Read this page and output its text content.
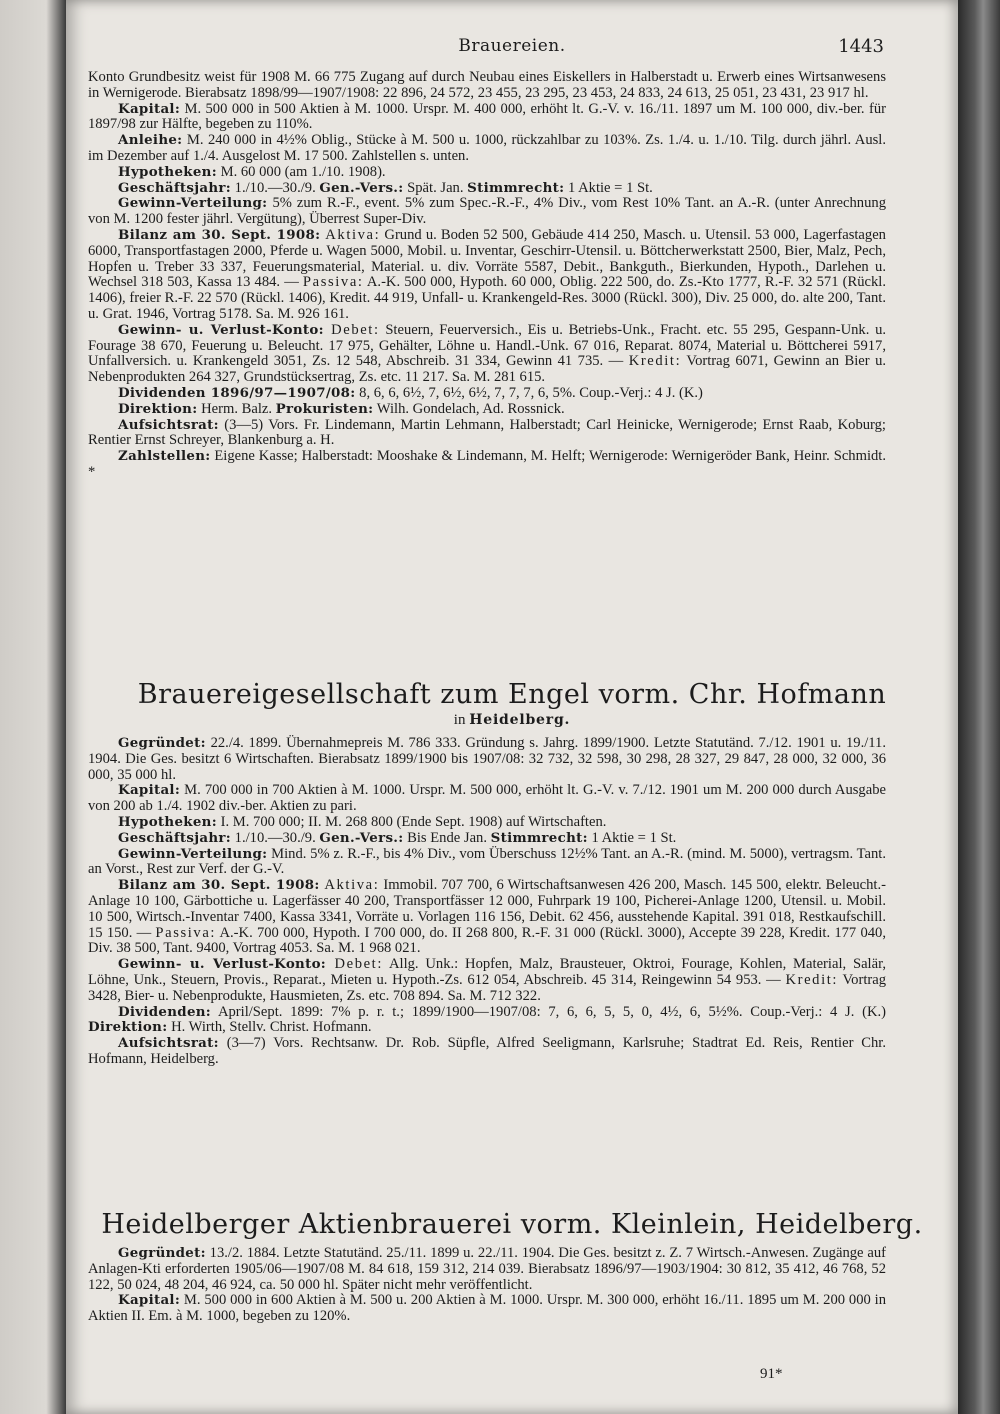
Brauereien.	1443

Konto Grundbesitz weist für 1908 M. 66 775 Zugang auf durch Neubau eines Eiskellers in Halberstadt u. Erwerb eines Wirtsanwesens in Wernigerode. Bierabsatz 1898/99—1907/1908: 22 896, 24 572, 23 455, 23 295, 23 453, 24 833, 24 613, 25 051, 23 431, 23 917 hl.

Kapital: M. 500 000 in 500 Aktien à M. 1000. Urspr. M. 400 000, erhöht lt. G.-V. v. 16./11. 1897 um M. 100 000, div.-ber. für 1897/98 zur Hälfte, begeben zu 110%.

Anleihe: M. 240 000 in 4½% Oblig., Stücke à M. 500 u. 1000, rückzahlbar zu 103%. Zs. 1./4. u. 1./10. Tilg. durch jährl. Ausl. im Dezember auf 1./4. Ausgelost M. 17 500. Zahlstellen s. unten.

Hypotheken: M. 60 000 (am 1./10. 1908).

Geschäftsjahr: 1./10.—30./9. Gen.-Vers.: Spät. Jan. Stimmrecht: 1 Aktie = 1 St.

Gewinn-Verteilung: 5% zum R.-F., event. 5% zum Spec.-R.-F., 4% Div., vom Rest 10% Tant. an A.-R. (unter Anrechnung von M. 1200 fester jährl. Vergütung), Überrest Super-Div.

Bilanz am 30. Sept. 1908: Aktiva: Grund u. Boden 52 500, Gebäude 414 250, Masch. u. Utensil. 53 000, Lagerfastagen 6000, Transportfastagen 2000, Pferde u. Wagen 5000, Mobil. u. Inventar, Geschirr-Utensil. u. Böttcherwerkstatt 2500, Bier, Malz, Pech, Hopfen u. Treber 33 337, Feuerungsmaterial, Material. u. div. Vorräte 5587, Debit., Bankguth., Bierkunden, Hypoth., Darlehen u. Wechsel 318 503, Kassa 13 484. — Passiva: A.-K. 500 000, Hypoth. 60 000, Oblig. 222 500, do. Zs.-Kto 1777, R.-F. 32 571 (Rückl. 1406), freier R.-F. 22 570 (Rückl. 1406), Kredit. 44 919, Unfall- u. Krankengeld-Res. 3000 (Rückl. 300), Div. 25 000, do. alte 200, Tant. u. Grat. 1946, Vortrag 5178. Sa. M. 926 161.

Gewinn- u. Verlust-Konto: Debet: Steuern, Feuerversich., Eis u. Betriebs-Unk., Fracht. etc. 55 295, Gespann-Unk. u. Fourage 38 670, Feuerung u. Beleucht. 17 975, Gehälter, Löhne u. Handl.-Unk. 67 016, Reparat. 8074, Material u. Böttcherei 5917, Unfallversich. u. Krankengeld 3051, Zs. 12 548, Abschreib. 31 334, Gewinn 41 735. — Kredit: Vortrag 6071, Gewinn an Bier u. Nebenprodukten 264 327, Grundstücksertrag, Zs. etc. 11 217. Sa. M. 281 615.

Dividenden 1896/97—1907/08: 8, 6, 6, 6½, 7, 6½, 6½, 7, 7, 7, 6, 5%. Coup.-Verj.: 4 J. (K.)

Direktion: Herm. Balz. Prokuristen: Wilh. Gondelach, Ad. Rossnick.

Aufsichtsrat: (3—5) Vors. Fr. Lindemann, Martin Lehmann, Halberstadt; Carl Heinicke, Wernigerode; Ernst Raab, Koburg; Rentier Ernst Schreyer, Blankenburg a. H.

Zahlstellen: Eigene Kasse; Halberstadt: Mooshake & Lindemann, M. Helft; Wernigerode: Wernigeröder Bank, Heinr. Schmidt. *

Brauereigesellschaft zum Engel vorm. Chr. Hofmann
in Heidelberg.

Gegründet: 22./4. 1899. Übernahmepreis M. 786 333. Gründung s. Jahrg. 1899/1900. Letzte Statutänd. 7./12. 1901 u. 19./11. 1904. Die Ges. besitzt 6 Wirtschaften. Bierabsatz 1899/1900 bis 1907/08: 32 732, 32 598, 30 298, 28 327, 29 847, 28 000, 32 000, 36 000, 35 000 hl.

Kapital: M. 700 000 in 700 Aktien à M. 1000. Urspr. M. 500 000, erhöht lt. G.-V. v. 7./12. 1901 um M. 200 000 durch Ausgabe von 200 ab 1./4. 1902 div.-ber. Aktien zu pari.

Hypotheken: I. M. 700 000; II. M. 268 800 (Ende Sept. 1908) auf Wirtschaften.

Geschäftsjahr: 1./10.—30./9. Gen.-Vers.: Bis Ende Jan. Stimmrecht: 1 Aktie = 1 St.

Gewinn-Verteilung: Mind. 5% z. R.-F., bis 4% Div., vom Überschuss 12½% Tant. an A.-R. (mind. M. 5000), vertragsm. Tant. an Vorst., Rest zur Verf. der G.-V.

Bilanz am 30. Sept. 1908: Aktiva: Immobil. 707 700, 6 Wirtschaftsanwesen 426 200, Masch. 145 500, elektr. Beleucht.-Anlage 10 100, Gärbottiche u. Lagerfässer 40 200, Transportfässer 12 000, Fuhrpark 19 100, Picherei-Anlage 1200, Utensil. u. Mobil. 10 500, Wirtsch.-Inventar 7400, Kassa 3341, Vorräte u. Vorlagen 116 156, Debit. 62 456, ausstehende Kapital. 391 018, Restkaufschill. 15 150. — Passiva: A.-K. 700 000, Hypoth. I 700 000, do. II 268 800, R.-F. 31 000 (Rückl. 3000), Accepte 39 228, Kredit. 177 040, Div. 38 500, Tant. 9400, Vortrag 4053. Sa. M. 1 968 021.

Gewinn- u. Verlust-Konto: Debet: Allg. Unk.: Hopfen, Malz, Brausteuer, Oktroi, Fourage, Kohlen, Material, Salär, Löhne, Unk., Steuern, Provis., Reparat., Mieten u. Hypoth.-Zs. 612 054, Abschreib. 45 314, Reingewinn 54 953. — Kredit: Vortrag 3428, Bier- u. Nebenprodukte, Hausmieten, Zs. etc. 708 894. Sa. M. 712 322.

Dividenden: April/Sept. 1899: 7% p. r. t.; 1899/1900—1907/08: 7, 6, 6, 5, 5, 0, 4½, 6, 5½%. Coup.-Verj.: 4 J. (K.) Direktion: H. Wirth, Stellv. Christ. Hofmann.

Aufsichtsrat: (3—7) Vors. Rechtsanw. Dr. Rob. Süpfle, Alfred Seeligmann, Karlsruhe; Stadtrat Ed. Reis, Rentier Chr. Hofmann, Heidelberg.

Heidelberger Aktienbrauerei vorm. Kleinlein, Heidelberg.

Gegründet: 13./2. 1884. Letzte Statutänd. 25./11. 1899 u. 22./11. 1904. Die Ges. besitzt z. Z. 7 Wirtsch.-Anwesen. Zugänge auf Anlagen-Kti erforderten 1905/06—1907/08 M. 84 618, 159 312, 214 039. Bierabsatz 1896/97—1903/1904: 30 812, 35 412, 46 768, 52 122, 50 024, 48 204, 46 924, ca. 50 000 hl. Später nicht mehr veröffentlicht.

Kapital: M. 500 000 in 600 Aktien à M. 500 u. 200 Aktien à M. 1000. Urspr. M. 300 000, erhöht 16./11. 1895 um M. 200 000 in Aktien II. Em. à M. 1000, begeben zu 120%.

91*
